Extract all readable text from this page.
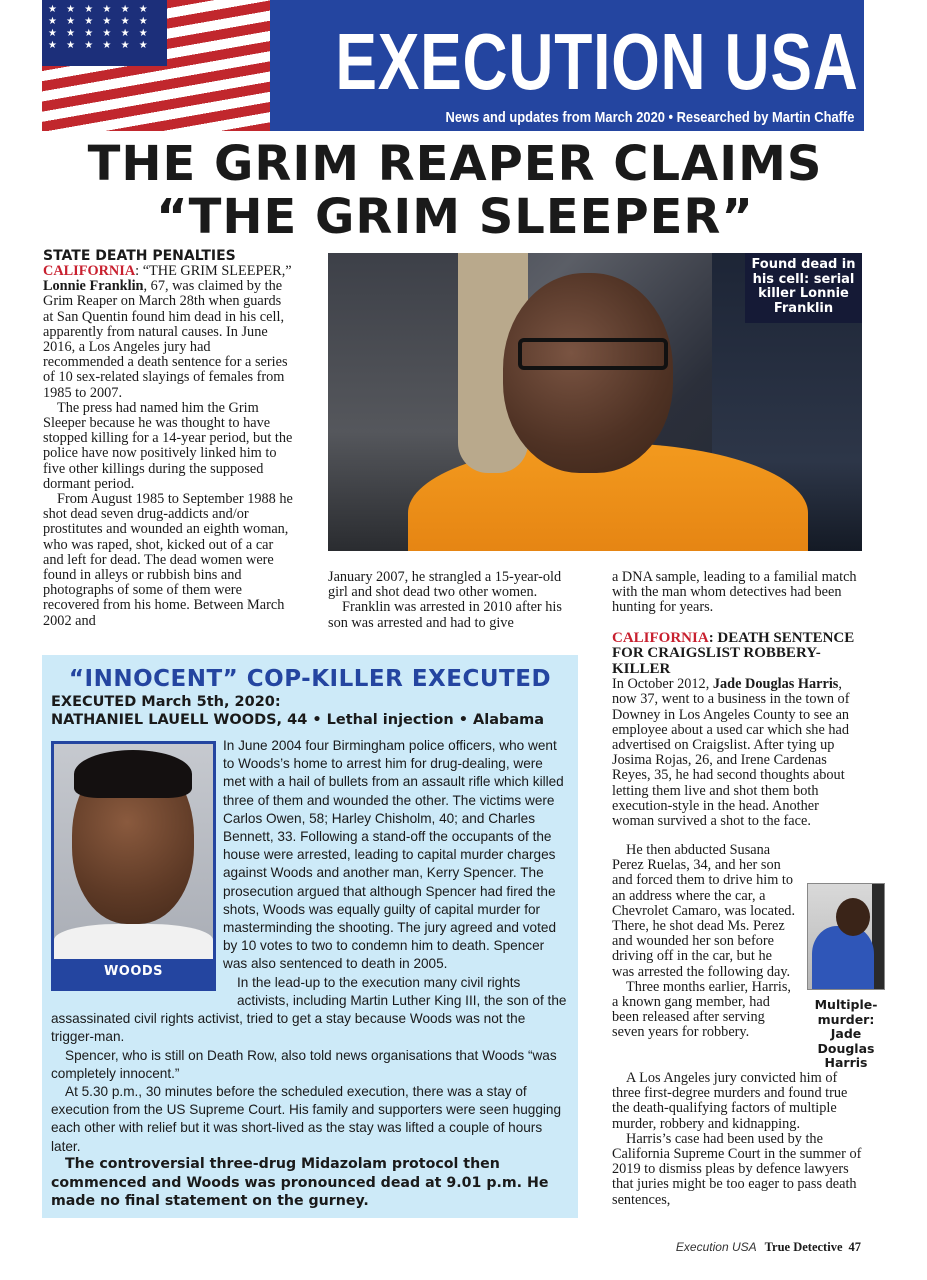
★ ★ ★ ★ ★ ★ ★ ★ ★ ★ ★ ★ ★ ★ ★ ★ ★ ★ ★ ★ ★ ★ ★ ★ EXECUTION USA
News and updates from March 2020 • Researched by Martin Chaffe
THE GRIM REAPER CLAIMS
“THE GRIM SLEEPER”
STATE DEATH PENALTIES

CALIFORNIA: “THE GRIM SLEEPER,” Lonnie Franklin, 67, was claimed by the Grim Reaper on March 28th when guards at San Quentin found him dead in his cell, apparently from natural causes. In June 2016, a Los Angeles jury had recommended a death sentence for a series of 10 sex-related slayings of females from 1985 to 2007.

The press had named him the Grim Sleeper because he was thought to have stopped killing for a 14-year period, but the police have now positively linked him to five other killings during the supposed dormant period.

From August 1985 to September 1988 he shot dead seven drug-addicts and/or prostitutes and wounded an eighth woman, who was raped, shot, kicked out of a car and left for dead. The dead women were found in alleys or rubbish bins and photographs of some of them were recovered from his home. Between March 2002 and

Found dead in his cell: serial killer Lonnie Franklin

January 2007, he strangled a 15-year-old girl and shot dead two other women.

Franklin was arrested in 2010 after his son was arrested and had to give

a DNA sample, leading to a familial match with the man whom detectives had been hunting for years.

CALIFORNIA: DEATH SENTENCE FOR CRAIGSLIST ROBBERY-KILLER

In October 2012, Jade Douglas Harris, now 37, went to a business in the town of Downey in Los Angeles County to see an employee about a used car which she had advertised on Craigslist. After tying up Josima Rojas, 26, and Irene Cardenas Reyes, 35, he had second thoughts about letting them live and shot them both execution-style in the head. Another woman survived a shot to the face.

He then abducted Susana Perez Ruelas, 34, and her son and forced them to drive him to an address where the car, a Chevrolet Camaro, was located. There, he shot dead Ms. Perez and wounded her son before driving off in the car, but he was arrested the following day.

Three months earlier, Harris, a known gang member, had been released after serving seven years for robbery.

A Los Angeles jury convicted him of three first-degree murders and found true the death-qualifying factors of multiple murder, robbery and kidnapping.

Harris’s case had been used by the California Supreme Court in the summer of 2019 to dismiss pleas by defence lawyers that juries might be too eager to pass death sentences,

Multiple-murder: Jade Douglas Harris
“INNOCENT” COP-KILLER EXECUTED
EXECUTED March 5th, 2020:
NATHANIEL LAUELL WOODS, 44 • Lethal injection • Alabama
WOODS

In June 2004 four Birmingham police officers, who went to Woods’s home to arrest him for drug-dealing, were met with a hail of bullets from an assault rifle which killed three of them and wounded the other. The victims were Carlos Owen, 58; Harley Chisholm, 40; and Charles Bennett, 33. Following a stand-off the occupants of the house were arrested, leading to capital murder charges against Woods and another man, Kerry Spencer. The prosecution argued that although Spencer had fired the shots, Woods was equally guilty of capital murder for masterminding the shooting. The jury agreed and voted by 10 votes to two to condemn him to death. Spencer was also sentenced to death in 2005.

In the lead-up to the execution many civil rights

activists, including Martin Luther King III, the son of the assassinated civil rights activist, tried to get a stay because Woods was not the trigger-man.

Spencer, who is still on Death Row, also told news organisations that Woods “was completely innocent.”

At 5.30 p.m., 30 minutes before the scheduled execution, there was a stay of execution from the US Supreme Court. His family and supporters were seen hugging each other with relief but it was short-lived as the stay was lifted a couple of hours later.

The controversial three-drug Midazolam protocol then commenced and Woods was pronounced dead at 9.01 p.m. He made no final statement on the gurney.

Execution USA True Detective 47
